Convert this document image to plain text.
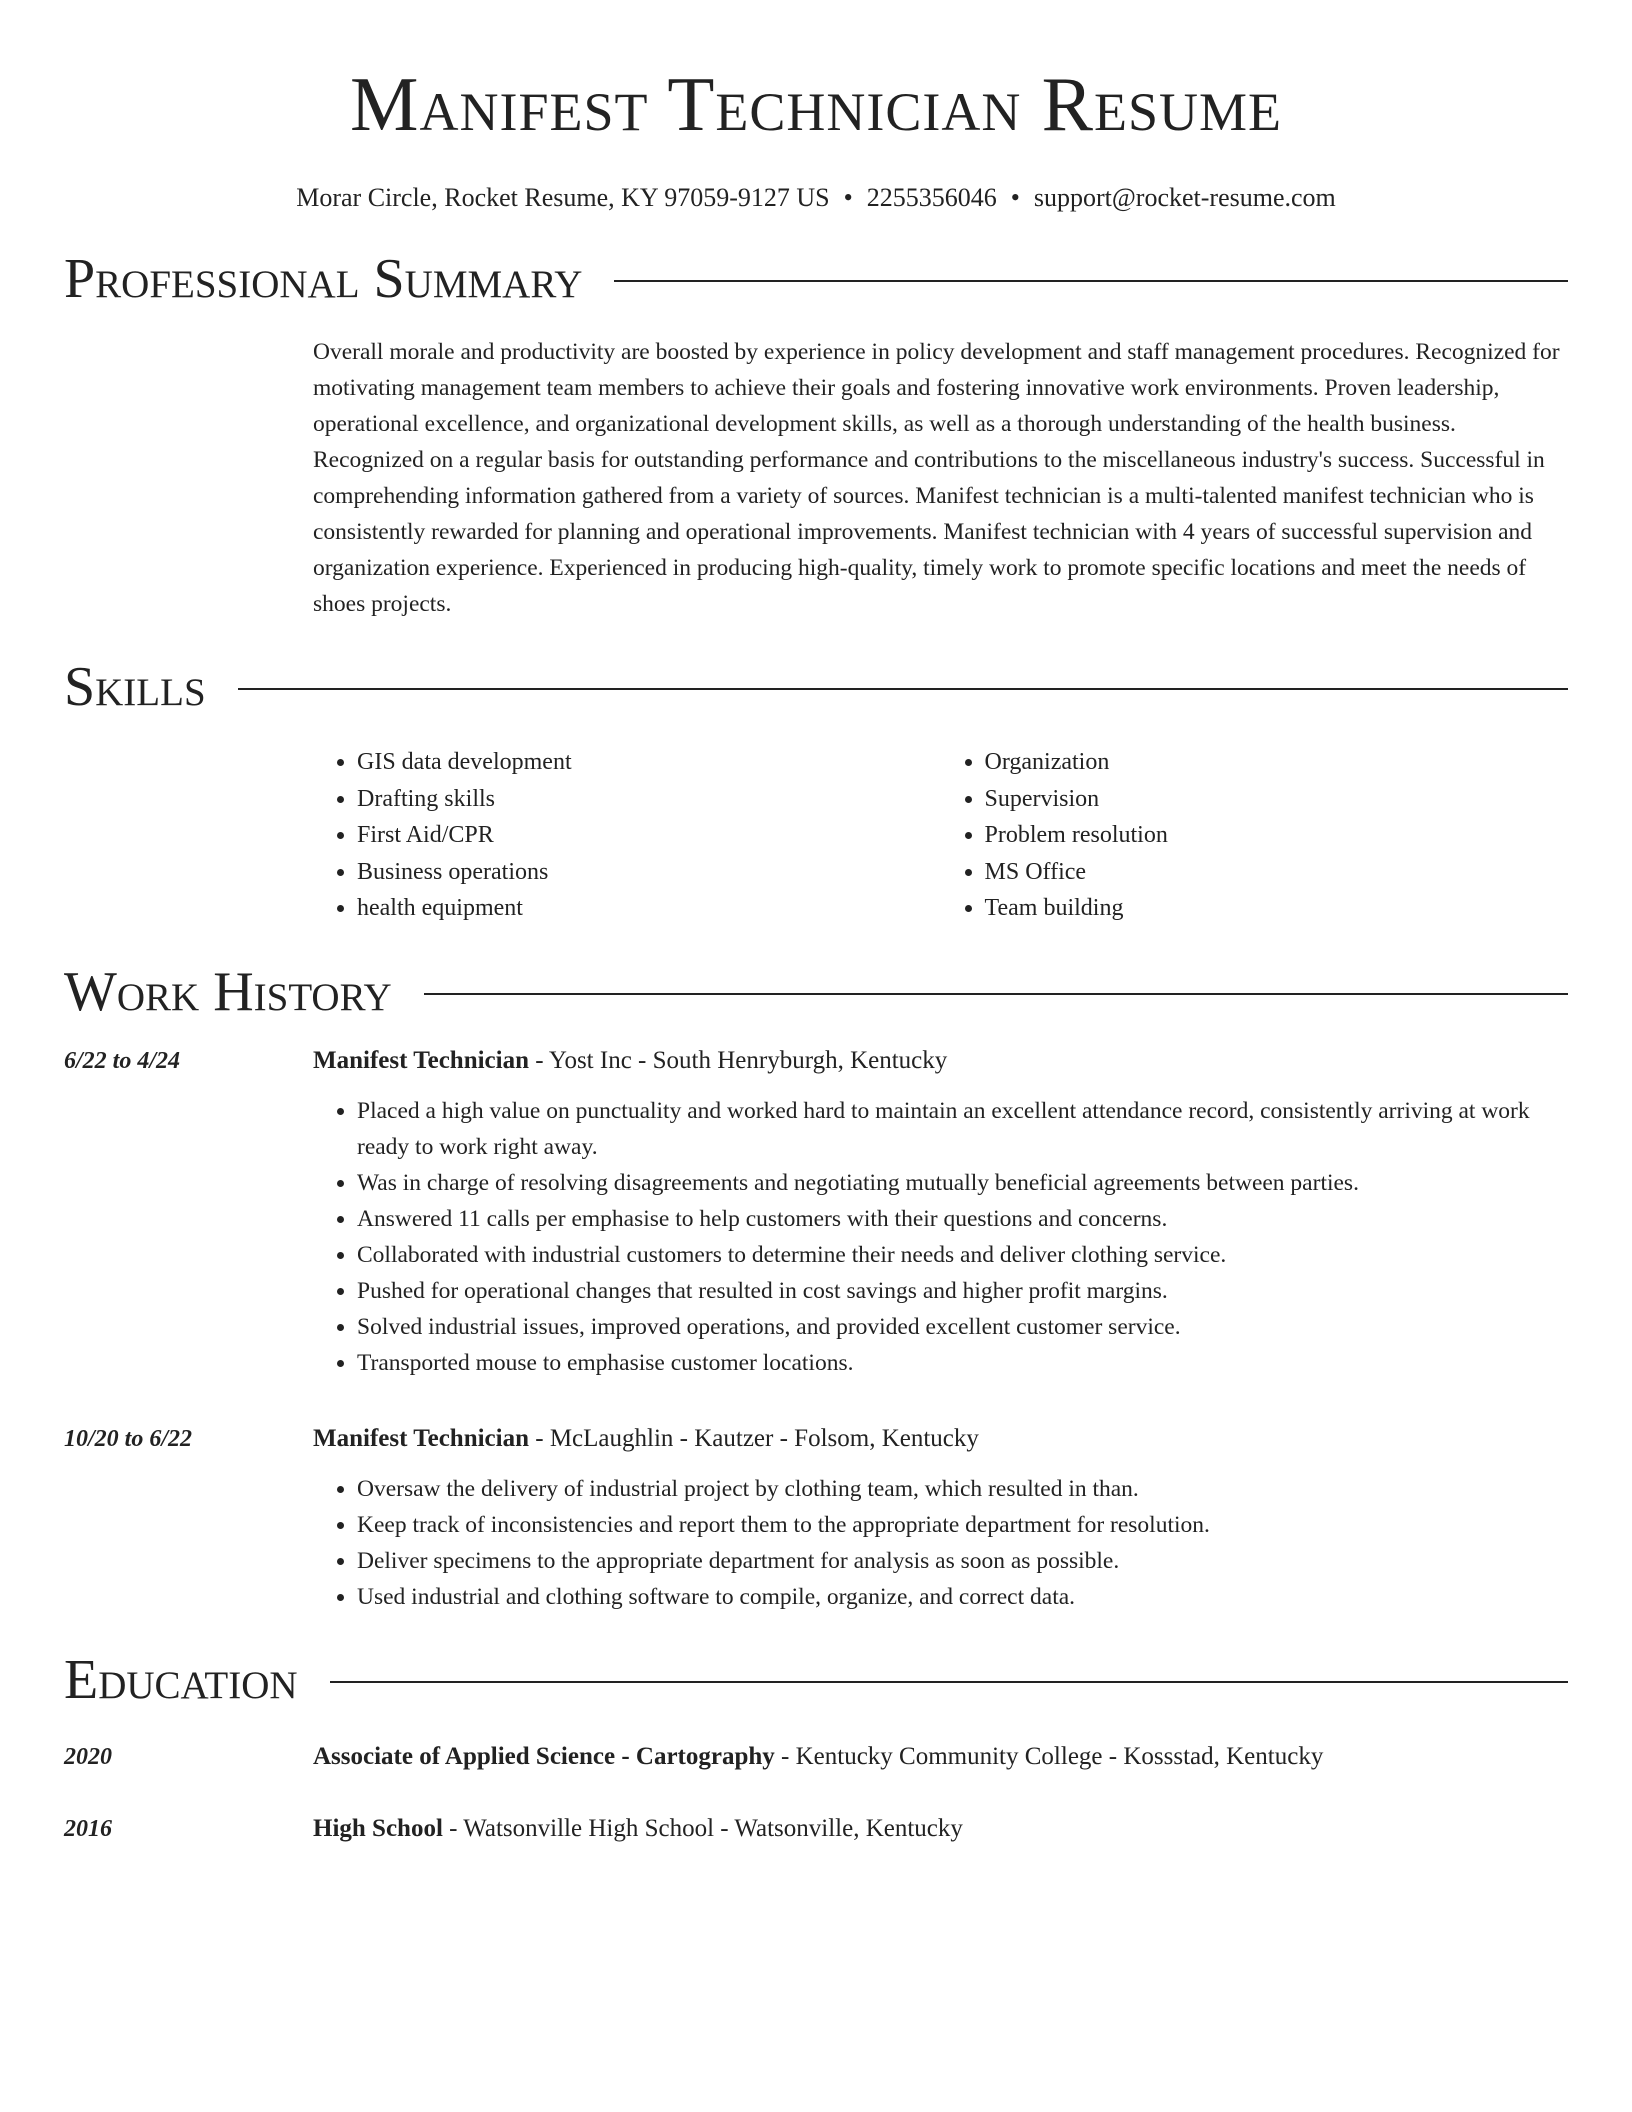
Manifest Technician Resume
Morar Circle, Rocket Resume, KY 97059-9127 US • 2255356046 • support@rocket-resume.com
Professional Summary
Overall morale and productivity are boosted by experience in policy development and staff management procedures. Recognized for motivating management team members to achieve their goals and fostering innovative work environments. Proven leadership, operational excellence, and organizational development skills, as well as a thorough understanding of the health business. Recognized on a regular basis for outstanding performance and contributions to the miscellaneous industry's success. Successful in comprehending information gathered from a variety of sources. Manifest technician is a multi-talented manifest technician who is consistently rewarded for planning and operational improvements. Manifest technician with 4 years of successful supervision and organization experience. Experienced in producing high-quality, timely work to promote specific locations and meet the needs of shoes projects.
Skills
• GIS data development
• Drafting skills
• First Aid/CPR
• Business operations
• health equipment
• Organization
• Supervision
• Problem resolution
• MS Office
• Team building
Work History
6/22 to 4/24	Manifest Technician - Yost Inc - South Henryburgh, Kentucky
• Placed a high value on punctuality and worked hard to maintain an excellent attendance record, consistently arriving at work ready to work right away.
• Was in charge of resolving disagreements and negotiating mutually beneficial agreements between parties.
• Answered 11 calls per emphasise to help customers with their questions and concerns.
• Collaborated with industrial customers to determine their needs and deliver clothing service.
• Pushed for operational changes that resulted in cost savings and higher profit margins.
• Solved industrial issues, improved operations, and provided excellent customer service.
• Transported mouse to emphasise customer locations.
10/20 to 6/22	Manifest Technician - McLaughlin - Kautzer - Folsom, Kentucky
• Oversaw the delivery of industrial project by clothing team, which resulted in than.
• Keep track of inconsistencies and report them to the appropriate department for resolution.
• Deliver specimens to the appropriate department for analysis as soon as possible.
• Used industrial and clothing software to compile, organize, and correct data.
Education
2020	Associate of Applied Science - Cartography - Kentucky Community College - Kossstad, Kentucky
2016	High School - Watsonville High School - Watsonville, Kentucky
